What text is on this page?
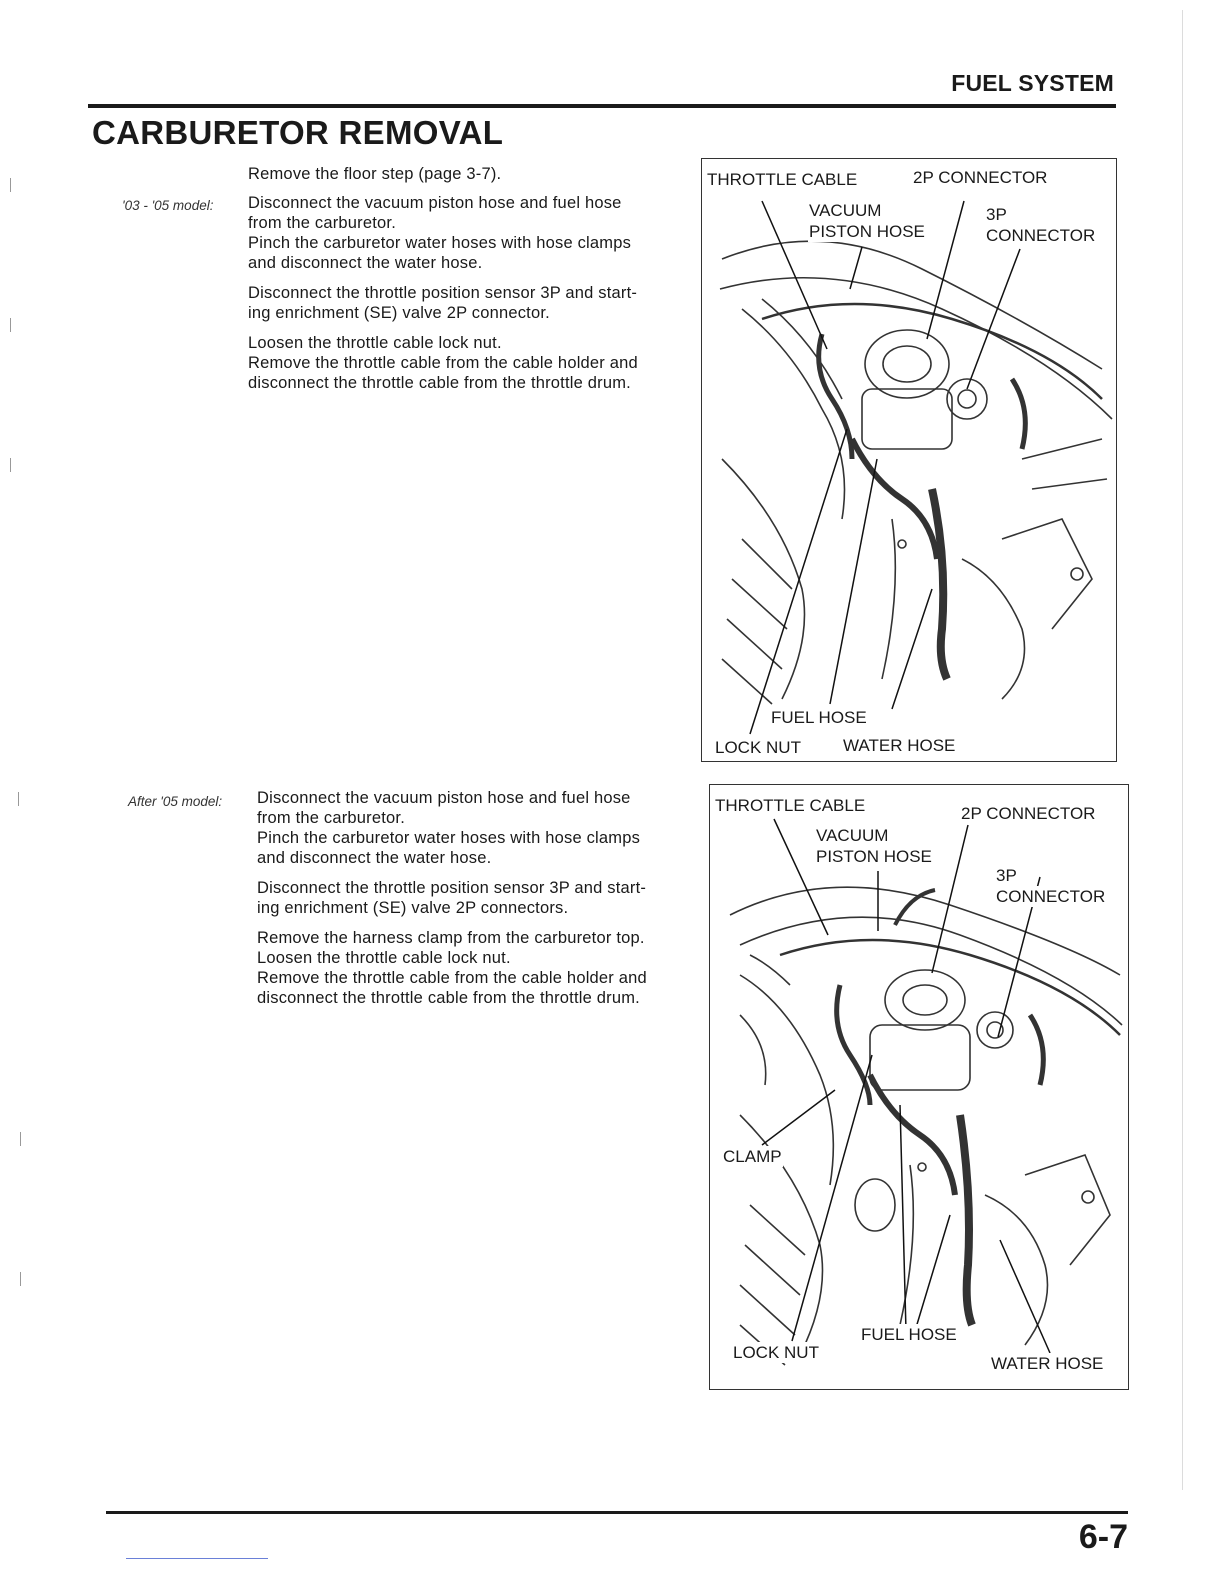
FUEL SYSTEM
CARBURETOR REMOVAL
Remove the floor step (page 3-7).
'03 - '05 model: Disconnect the vacuum piston hose and fuel hose
from the carburetor.
Pinch the carburetor water hoses with hose clamps
and disconnect the water hose.
Disconnect the throttle position sensor 3P and start-
ing enrichment (SE) valve 2P connector.
Loosen the throttle cable lock nut.
Remove the throttle cable from the cable holder and
disconnect the throttle cable from the throttle drum.
THROTTLE CABLE	2P CONNECTOR
VACUUM
PISTON HOSE
3P
CONNECTOR
FUEL HOSE
LOCK NUT WATER HOSE
After '05 model: Disconnect the vacuum piston hose and fuel hose
from the carburetor.
Pinch the carburetor water hoses with hose clamps
and disconnect the water hose.
Disconnect the throttle position sensor 3P and start-
ing enrichment (SE) valve 2P connectors.
Remove the harness clamp from the carburetor top.
Loosen the throttle cable lock nut.
Remove the throttle cable from the cable holder and
disconnect the throttle cable from the throttle drum.
THROTTLE CABLE	2P CONNECTOR
VACUUM
PISTON HOSE
3P
CONNECTOR
CLAMP
FUEL HOSE
LOCK NUT
WATER HOSE
6-7
